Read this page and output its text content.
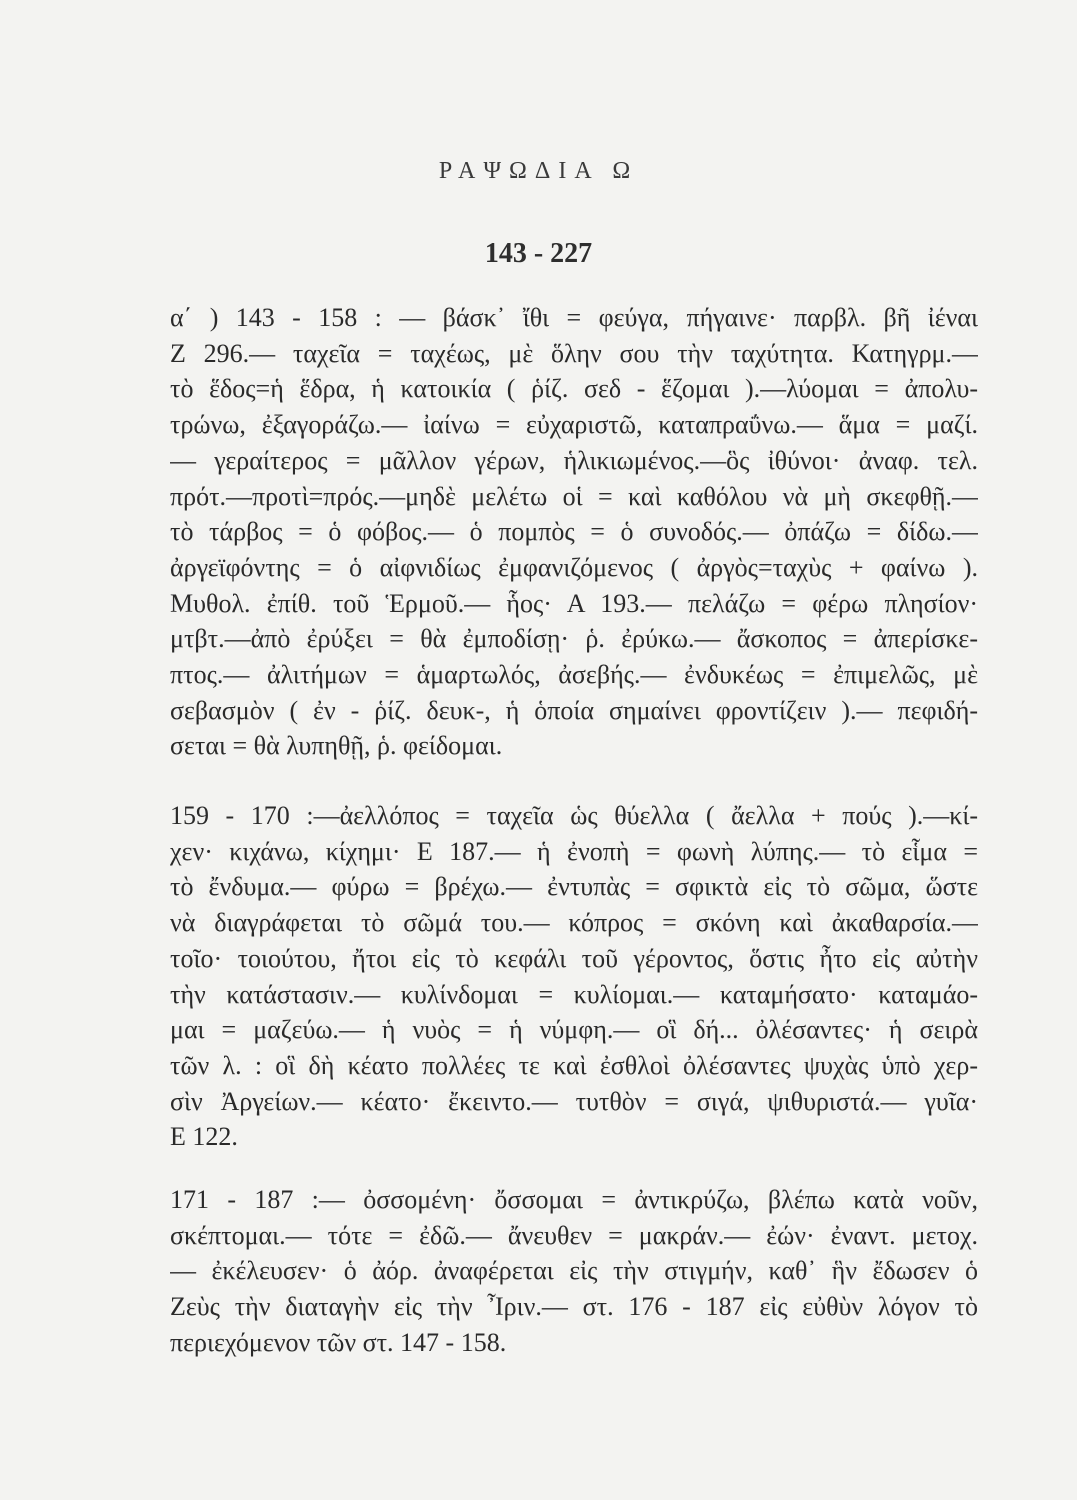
ΡΑΨΩΔΙΑ Ω
143 - 227
α΄ ) 143 - 158 : — βάσκ᾽ ἴθι = φεύγα, πήγαινε· παρβλ. βῆ ἰέναι
Ζ 296.— ταχεῖα = ταχέως, μὲ ὅλην σου τὴν ταχύτητα. Κατηγρμ.—
τὸ ἕδος=ἡ ἕδρα, ἡ κατοικία ( ῥίζ. σεδ - ἕζομαι ).—λύομαι = ἀπολυ-
τρώνω, ἐξαγοράζω.— ἰαίνω = εὐχαριστῶ, καταπραΰνω.— ἅμα = μαζί.
— γεραίτερος = μᾶλλον γέρων, ἡλικιωμένος.—ὃς ἰθύνοι· ἀναφ. τελ.
πρότ.—προτὶ=πρός.—μηδὲ μελέτω οἱ = καὶ καθόλου νὰ μὴ σκεφθῇ.—
τὸ τάρβος = ὁ φόβος.— ὁ πομπὸς = ὁ συνοδός.— ὀπάζω = δίδω.—
ἀργεϊφόντης = ὁ αἰφνιδίως ἐμφανιζόμενος ( ἀργὸς=ταχὺς + φαίνω ).
Μυθολ. ἐπίθ. τοῦ Ἑρμοῦ.— ἧος· Α 193.— πελάζω = φέρω πλησίον·
μτβτ.—ἀπὸ ἐρύξει = θὰ ἐμποδίσῃ· ῥ. ἐρύκω.— ἄσκοπος = ἀπερίσκε-
πτος.— ἀλιτήμων = ἁμαρτωλός, ἀσεβής.— ἐνδυκέως = ἐπιμελῶς, μὲ
σεβασμὸν ( ἐν - ῥίζ. δευκ-, ἡ ὁποία σημαίνει φροντίζειν ).— πεφιδή-
σεται = θὰ λυπηθῇ, ῥ. φείδομαι.
159 - 170 :—ἀελλόπος = ταχεῖα ὡς θύελλα ( ἄελλα + πούς ).—κί-
χεν· κιχάνω, κίχημι· Ε 187.— ἡ ἐνοπὴ = φωνὴ λύπης.— τὸ εἷμα =
τὸ ἔνδυμα.— φύρω = βρέχω.— ἐντυπὰς = σφικτὰ εἰς τὸ σῶμα, ὥστε
νὰ διαγράφεται τὸ σῶμά του.— κόπρος = σκόνη καὶ ἀκαθαρσία.—
τοῖο· τοιούτου, ἤτοι εἰς τὸ κεφάλι τοῦ γέροντος, ὅστις ἦτο εἰς αὐτὴν
τὴν κατάστασιν.— κυλίνδομαι = κυλίομαι.— καταμήσατο· καταμάο-
μαι = μαζεύω.— ἡ νυὸς = ἡ νύμφη.— οἳ δή... ὀλέσαντες· ἡ σειρὰ
τῶν λ. : οἳ δὴ κέατο πολλέες τε καὶ ἐσθλοὶ ὀλέσαντες ψυχὰς ὑπὸ χερ-
σὶν Ἀργείων.— κέατο· ἔκειντο.— τυτθὸν = σιγά, ψιθυριστά.— γυῖα·
Ε 122.
171 - 187 :— ὀσσομένη· ὄσσομαι = ἀντικρύζω, βλέπω κατὰ νοῦν,
σκέπτομαι.— τότε = ἐδῶ.— ἄνευθεν = μακράν.— ἐών· ἐναντ. μετοχ.
— ἐκέλευσεν· ὁ ἀόρ. ἀναφέρεται εἰς τὴν στιγμήν, καθ᾽ ἣν ἔδωσεν ὁ
Ζεὺς τὴν διαταγὴν εἰς τὴν Ἶριν.— στ. 176 - 187 εἰς εὐθὺν λόγον τὸ
περιεχόμενον τῶν στ. 147 - 158.
